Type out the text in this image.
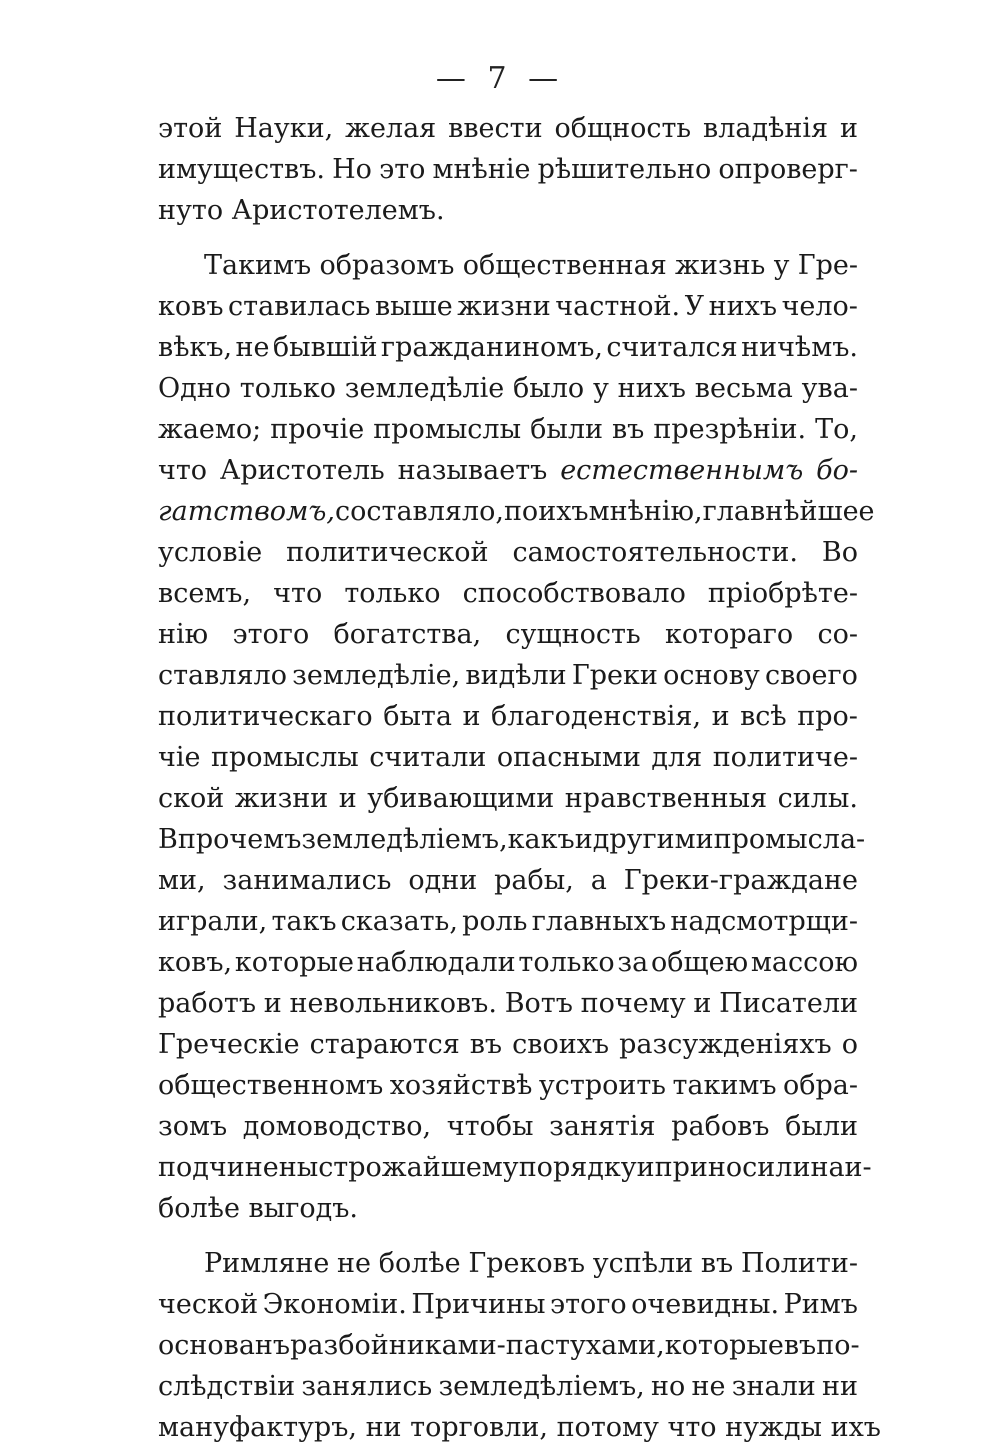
— 7 —
этой Науки, желая ввести общность владѣнія и
имуществъ. Но это мнѣніе рѣшительно опроверг-
нуто
Аристотелемъ.
Такимъ образомъ общественная жизнь у Гре-
ковъ ставилась выше жизни частной. У нихъ чело-
вѣкъ, не бывшій гражданиномъ, считался ничѣмъ.
Одно только земледѣліе было у нихъ весьма ува-
жаемо; прочіе промыслы были въ презрѣніи. То,
что Аристотель называетъ естественнымъ бо-
гатствомъ, составляло, по ихъ мнѣнію, главнѣйшее
условіе политической самостоятельности. Во
всемъ, что только способствовало пріобрѣте-
нію этого богатства, сущность котораго со-
ставляло земледѣліе, видѣли Греки основу своего
политическаго быта и благоденствія, и всѣ про-
чіе промыслы считали опасными для политиче-
ской жизни и убивающими нравственныя силы.
Впрочемъ земледѣліемъ, какъ и другими промысла-
ми, занимались одни рабы, а Греки-граждане
играли, такъ сказать, роль главныхъ надсмотрщи-
ковъ, которые наблюдали только за общею массою
работъ и невольниковъ. Вотъ почему и Писатели
Греческіе стараются въ своихъ разсужденіяхъ о
общественномъ хозяйствѣ устроить такимъ обра-
зомъ домоводство, чтобы занятія рабовъ были
подчинены строжайшему порядку и приносили наи-
болѣе
выгодъ.
Римляне не болѣе Грековъ успѣли въ Полити-
ческой Экономіи. Причины этого очевидны. Римъ
основанъ разбойниками-пастухами, которые въ по-
слѣдствіи занялись земледѣліемъ, но не знали ни
мануфактуръ,
ни
торговли,
потому
что
нужды
ихъ
